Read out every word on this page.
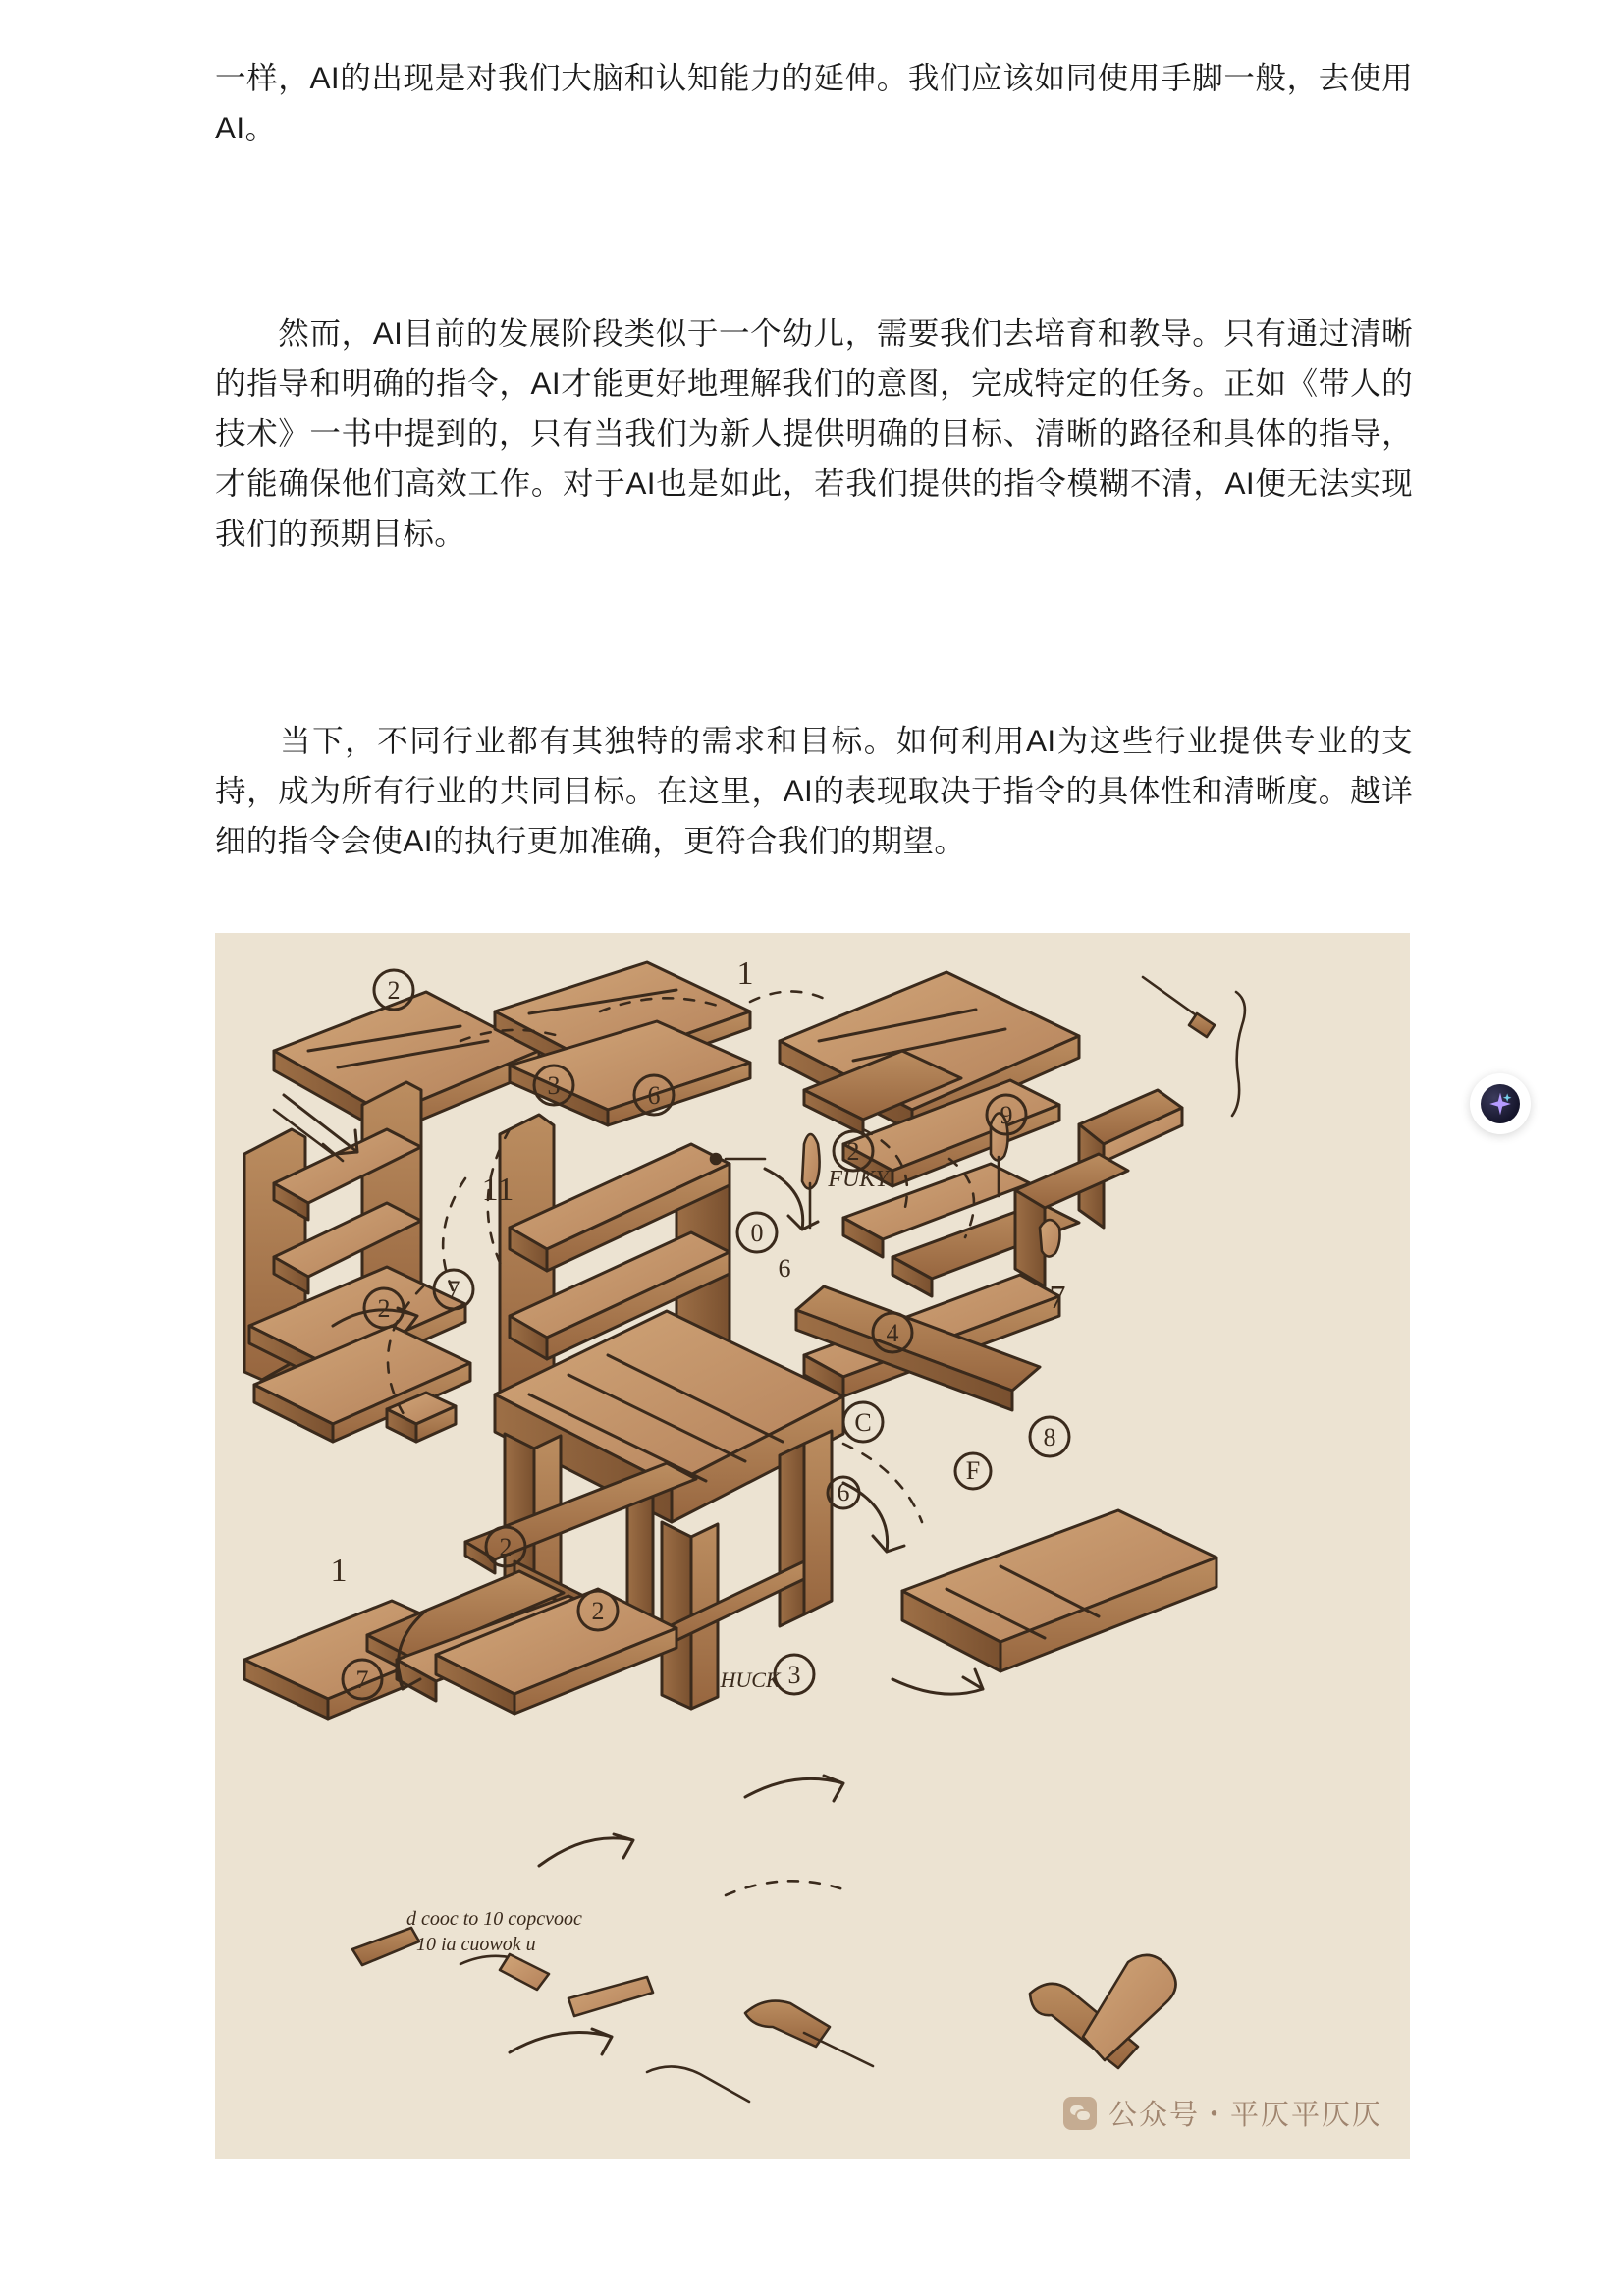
一样，AI的出现是对我们大脑和认知能力的延伸。我们应该如同使用手脚一般，去使用AI。

　　然而，AI目前的发展阶段类似于一个幼儿，需要我们去培育和教导。只有通过清晰的指导和明确的指令，AI才能更好地理解我们的意图，完成特定的任务。正如《带人的技术》一书中提到的，只有当我们为新人提供明确的目标、清晰的路径和具体的指导，才能确保他们高效工作。对于AI也是如此，若我们提供的指令模糊不清，AI便无法实现我们的预期目标。

　　当下，不同行业都有其独特的需求和目标。如何利用AI为这些行业提供专业的支持，成为所有行业的共同目标。在这里，AI的表现取决于指令的具体性和清晰度。越详细的指令会使AI的执行更加准确，更符合我们的期望。

2
3	6
9
2
0
2
7
4
C
8
F
2
2
3
7
6
1
7
11
1
6
FUKY
HUCK
d cooc to 10 copcvooc
10 ia cuowok u
公众号・平仄平仄仄
